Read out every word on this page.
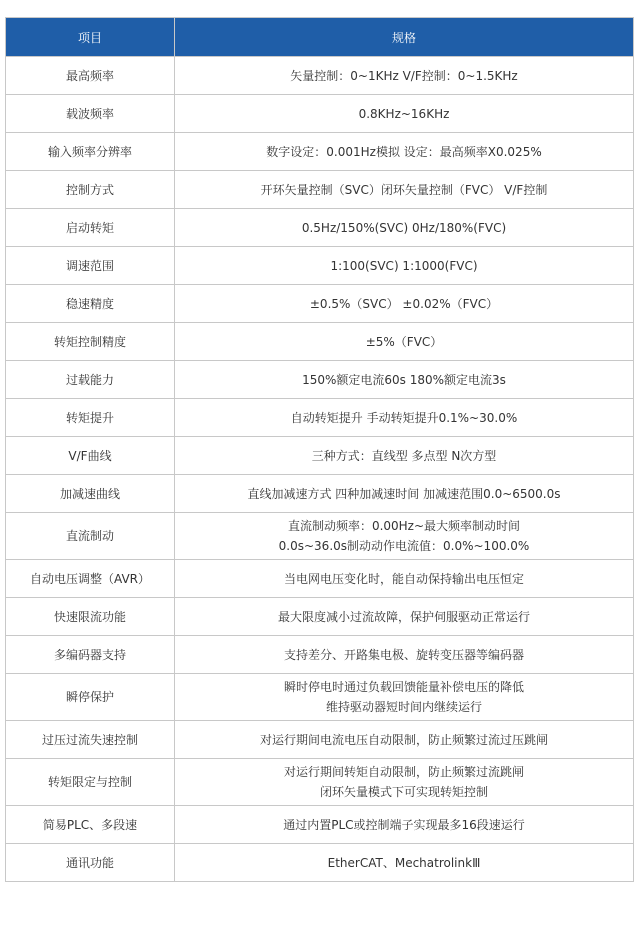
项目	规格
最高频率	矢量控制：0~1KHz V/F控制：0~1.5KHz

载波频率	0.8KHz~16KHz

输入频率分辨率	数字设定：0.001Hz模拟 设定：最高频率X0.025%

控制方式	开环矢量控制（SVC）闭环矢量控制（FVC） V/F控制

启动转矩	0.5Hz/150%(SVC) 0Hz/180%(FVC)

调速范围	1:100(SVC) 1:1000(FVC)

稳速精度	±0.5%（SVC） ±0.02%（FVC）

转矩控制精度	±5%（FVC）

过载能力	150%额定电流60s 180%额定电流3s

转矩提升	自动转矩提升 手动转矩提升0.1%~30.0%

V/F曲线	三种方式：直线型 多点型 N次方型

加减速曲线	直线加减速方式 四种加减速时间 加减速范围0.0~6500.0s

直流制动	直流制动频率：0.00Hz~最大频率制动时间
0.0s~36.0s制动动作电流值：0.0%~100.0%

自动电压调整（AVR）	当电网电压变化时，能自动保持输出电压恒定

快速限流功能	最大限度减小过流故障，保护伺服驱动正常运行

多编码器支持	支持差分、开路集电极、旋转变压器等编码器

瞬停保护	瞬时停电时通过负载回馈能量补偿电压的降低
维持驱动器短时间内继续运行

过压过流失速控制	对运行期间电流电压自动限制，防止频繁过流过压跳闸

转矩限定与控制	对运行期间转矩自动限制，防止频繁过流跳闸
闭环矢量模式下可实现转矩控制

简易PLC、多段速	通过内置PLC或控制端子实现最多16段速运行

通讯功能	EtherCAT、MechatrolinkⅢ
